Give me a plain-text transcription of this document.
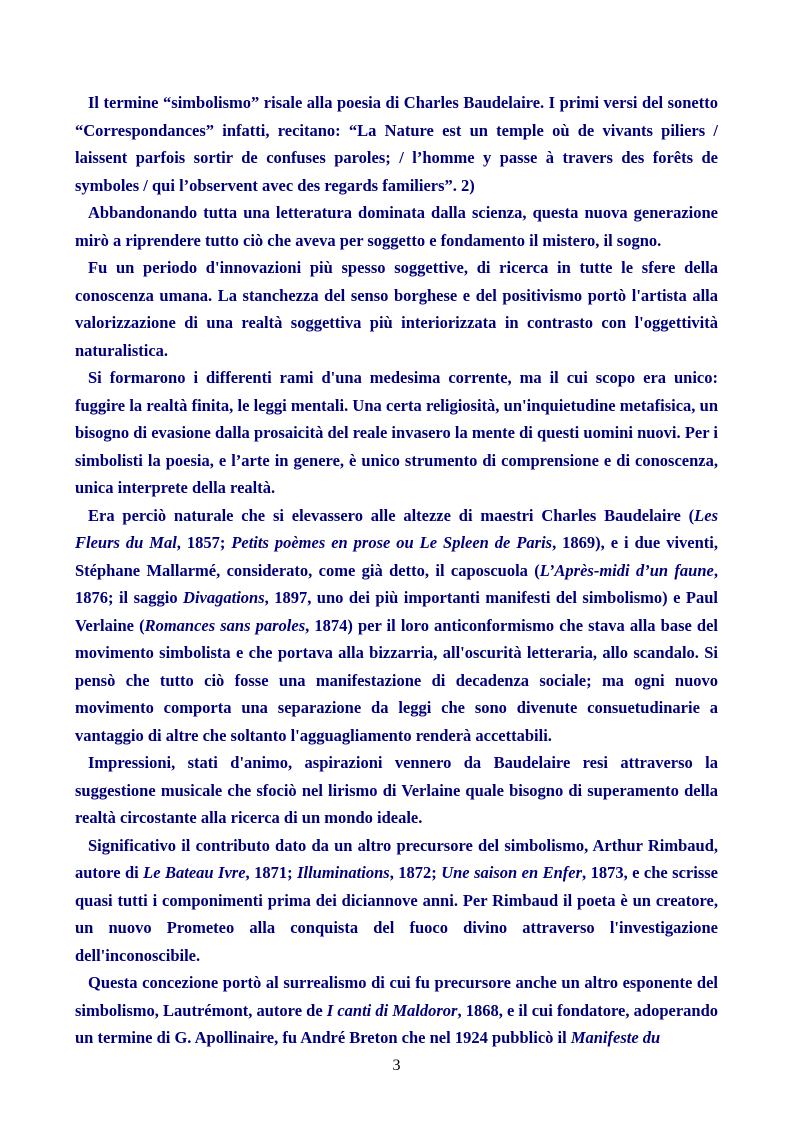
Il termine “simbolismo” risale alla poesia di Charles Baudelaire. I primi versi del sonetto “Correspondances” infatti, recitano: “La Nature est un temple où de vivants piliers / laissent parfois sortir de confuses paroles; / l’homme y passe à travers des forêts de symboles / qui l’observent avec des regards familiers”. 2)

Abbandonando tutta una letteratura dominata dalla scienza, questa nuova generazione mirò a riprendere tutto ciò che aveva per soggetto e fondamento il mistero, il sogno.

Fu un periodo d'innovazioni più spesso soggettive, di ricerca in tutte le sfere della conoscenza umana. La stanchezza del senso borghese e del positivismo portò l'artista alla valorizzazione di una realtà soggettiva più interiorizzata in contrasto con l'oggettività naturalistica.

Si formarono i differenti rami d'una medesima corrente, ma il cui scopo era unico: fuggire la realtà finita, le leggi mentali. Una certa religiosità, un'inquietudine metafisica, un bisogno di evasione dalla prosaicità del reale invasero la mente di questi uomini nuovi. Per i simbolisti la poesia, e l’arte in genere, è unico strumento di comprensione e di conoscenza, unica interprete della realtà.

Era perciò naturale che si elevassero alle altezze di maestri Charles Baudelaire (Les Fleurs du Mal, 1857; Petits poèmes en prose ou Le Spleen de Paris, 1869), e i due viventi, Stéphane Mallarmé, considerato, come già detto, il caposcuola (L’Après-midi d’un faune, 1876; il saggio Divagations, 1897, uno dei più importanti manifesti del simbolismo) e Paul Verlaine (Romances sans paroles, 1874) per il loro anticonformismo che stava alla base del movimento simbolista e che portava alla bizzarria, all'oscurità letteraria, allo scandalo. Si pensò che tutto ciò fosse una manifestazione di decadenza sociale; ma ogni nuovo movimento comporta una separazione da leggi che sono divenute consuetudinarie a vantaggio di altre che soltanto l'agguagliamento renderà accettabili.

Impressioni, stati d'animo, aspirazioni vennero da Baudelaire resi attraverso la suggestione musicale che sfociò nel lirismo di Verlaine quale bisogno di superamento della realtà circostante alla ricerca di un mondo ideale.

Significativo il contributo dato da un altro precursore del simbolismo, Arthur Rimbaud, autore di Le Bateau Ivre, 1871; Illuminations, 1872; Une saison en Enfer, 1873, e che scrisse quasi tutti i componimenti prima dei diciannove anni. Per Rimbaud il poeta è un creatore, un nuovo Prometeo alla conquista del fuoco divino attraverso l'investigazione dell'inconoscibile.

Questa concezione portò al surrealismo di cui fu precursore anche un altro esponente del simbolismo, Lautrémont, autore de I canti di Maldoror, 1868, e il cui fondatore, adoperando un termine di G. Apollinaire, fu André Breton che nel 1924 pubblicò il Manifeste du

3
